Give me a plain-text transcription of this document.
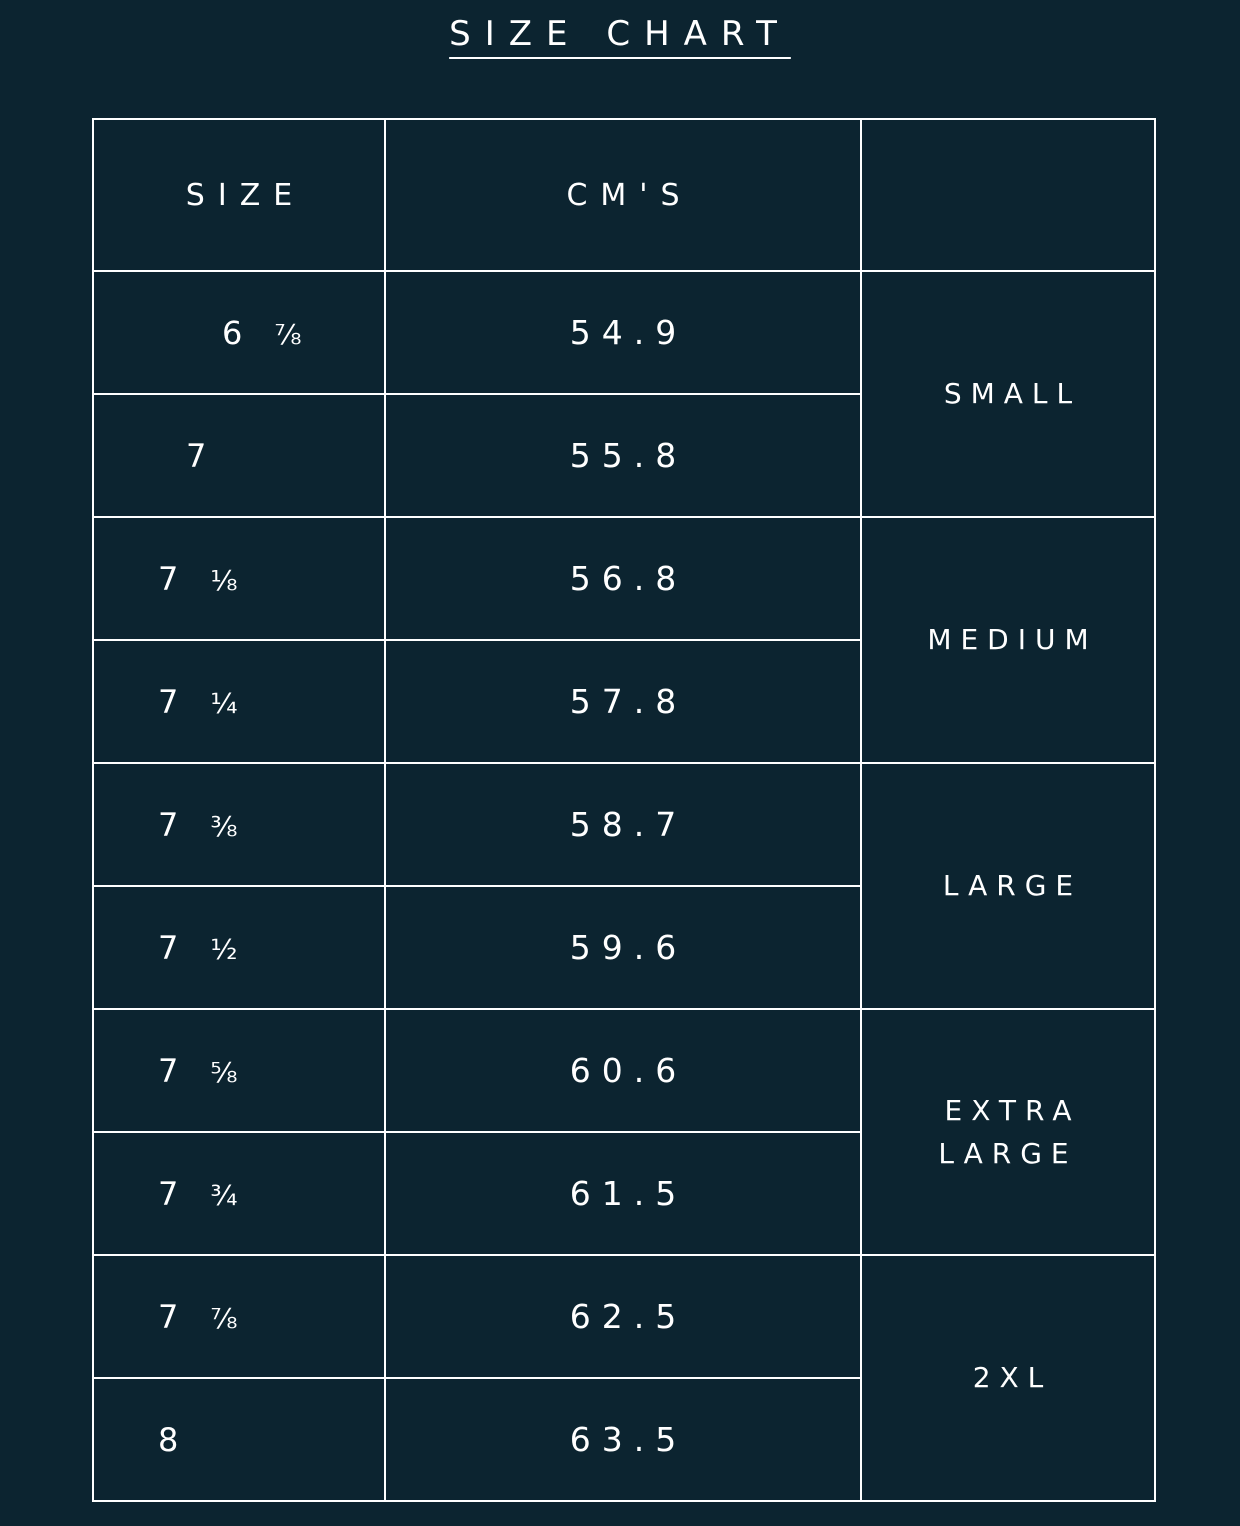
SIZE CHART
SIZE	CM'S	
6 ⅞	54.9	SMALL
7	55.8	
7 ⅛	56.8	MEDIUM
7 ¼	57.8	
7 ⅜	58.7	LARGE
7 ½	59.6	
7 ⅝	60.6	EXTRA LARGE
7 ¾	61.5	
7 ⅞	62.5	2XL
8	63.5	
